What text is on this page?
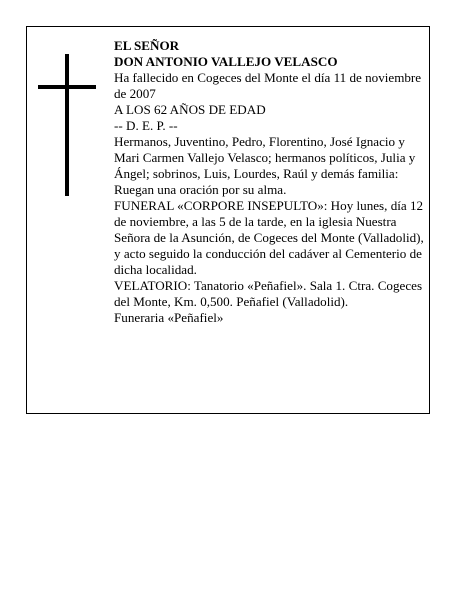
EL SEÑOR

DON ANTONIO VALLEJO VELASCO

Ha fallecido en Cogeces del Monte el día 11 de noviembre de 2007

A LOS 62 AÑOS DE EDAD

-- D. E. P. --

Hermanos, Juventino, Pedro, Florentino, José Ignacio y Mari Carmen Vallejo Velasco; hermanos políticos, Julia y Ángel; sobrinos, Luis, Lourdes, Raúl y demás familia:

Ruegan una oración por su alma.

FUNERAL «CORPORE INSEPULTO»: Hoy lunes, día 12 de noviembre, a las 5 de la tarde, en la iglesia Nuestra Señora de la Asunción, de Cogeces del Monte (Valladolid), y acto seguido la conducción del cadáver al Cementerio de dicha localidad.

VELATORIO: Tanatorio «Peñafiel». Sala 1. Ctra. Cogeces del Monte, Km. 0,500. Peñafiel (Valladolid).

Funeraria «Peñafiel»
